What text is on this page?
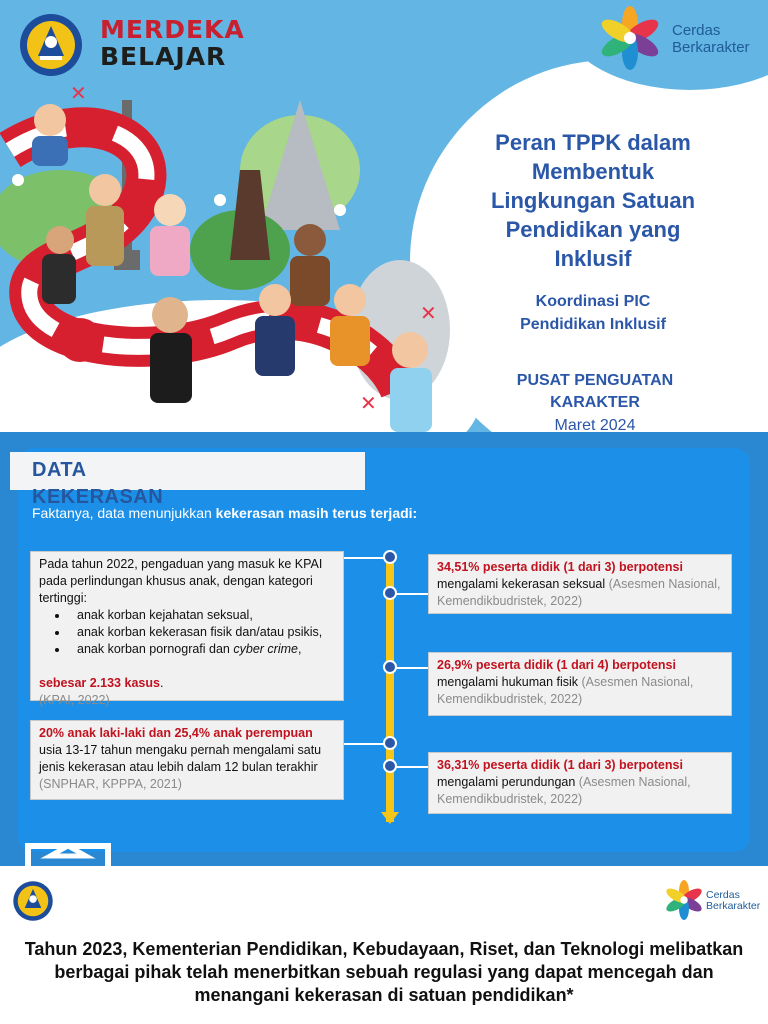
MERDEKA
BELAJAR
Cerdas
Berkarakter
✕
✕
✕
Peran TPPK dalam
Membentuk
Lingkungan Satuan
Pendidikan yang
Inklusif
Koordinasi PIC
Pendidikan Inklusif
PUSAT PENGUATAN
KARAKTER
Maret 2024
DATA
KEKERASAN
Faktanya, data menunjukkan kekerasan masih terus terjadi:
Pada tahun 2022, pengaduan yang masuk ke KPAI pada perlindungan khusus anak, dengan kategori tertinggi:
• anak korban kejahatan seksual,
• anak korban kekerasan fisik dan/atau psikis,
• anak korban pornografi dan cyber crime,
sebesar 2.133 kasus.
(KPAI, 2022)
20% anak laki-laki dan 25,4% anak perempuan
usia 13-17 tahun mengaku pernah mengalami satu jenis kekerasan atau lebih dalam 12 bulan terakhir
(SNPHAR, KPPPA, 2021)
34,51% peserta didik (1 dari 3) berpotensi
mengalami kekerasan seksual (Asesmen Nasional, Kemendikbudristek, 2022)
26,9% peserta didik (1 dari 4) berpotensi
mengalami hukuman fisik (Asesmen Nasional, Kemendikbudristek, 2022)
36,31% peserta didik (1 dari 3) berpotensi
mengalami perundungan (Asesmen Nasional, Kemendikbudristek, 2022)
Cerdas
Berkarakter
Tahun 2023, Kementerian Pendidikan, Kebudayaan, Riset, dan Teknologi melibatkan berbagai pihak telah menerbitkan sebuah regulasi yang dapat mencegah dan menangani kekerasan di satuan pendidikan*
